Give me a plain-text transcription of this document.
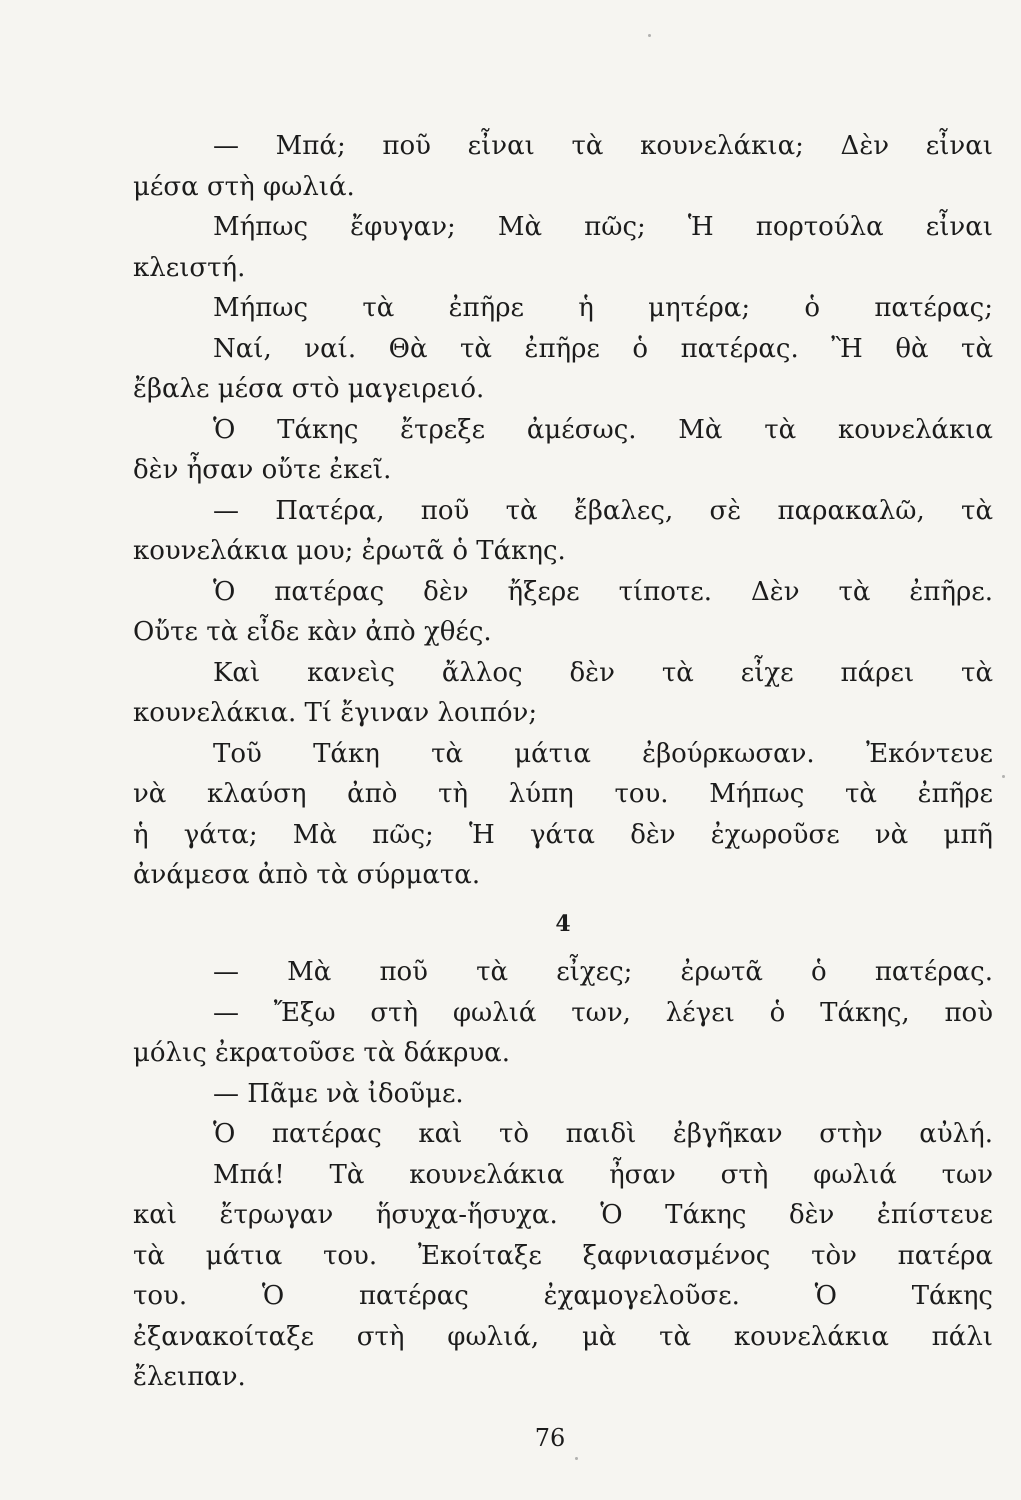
— Μπά; ποῦ εἶναι τὰ κουνελάκια; Δὲν εἶναι
μέσα στὴ φωλιά.
Μήπως ἔφυγαν; Μὰ πῶς; Ἡ πορτούλα εἶναι
κλειστή.
Μήπως τὰ ἐπῆρε ἡ μητέρα; ὁ πατέρας;
Ναί, ναί. Θὰ τὰ ἐπῆρε ὁ πατέρας. Ἢ θὰ τὰ
ἔβαλε μέσα στὸ μαγειρειό.
Ὁ Τάκης ἔτρεξε ἀμέσως. Μὰ τὰ κουνελάκια
δὲν ἦσαν οὔτε ἐκεῖ.
— Πατέρα, ποῦ τὰ ἔβαλες, σὲ παρακαλῶ, τὰ
κουνελάκια μου; ἐρωτᾶ ὁ Τάκης.
Ὁ πατέρας δὲν ἤξερε τίποτε. Δὲν τὰ ἐπῆρε.
Οὔτε τὰ εἶδε κὰν ἀπὸ χθές.
Καὶ κανεὶς ἄλλος δὲν τὰ εἶχε πάρει τὰ
κουνελάκια. Τί ἔγιναν λοιπόν;
Τοῦ Τάκη τὰ μάτια ἐβούρκωσαν. Ἐκόντευε
νὰ κλαύση ἀπὸ τὴ λύπη του. Μήπως τὰ ἐπῆρε
ἡ γάτα; Μὰ πῶς; Ἡ γάτα δὲν ἐχωροῦσε νὰ μπῆ
ἀνάμεσα ἀπὸ τὰ σύρματα.
4
— Μὰ ποῦ τὰ εἶχες; ἐρωτᾶ ὁ πατέρας.
— Ἔξω στὴ φωλιά των, λέγει ὁ Τάκης, ποὺ
μόλις ἐκρατοῦσε τὰ δάκρυα.
— Πᾶμε νὰ ἰδοῦμε.
Ὁ πατέρας καὶ τὸ παιδὶ ἐβγῆκαν στὴν αὐλή.
Μπά! Τὰ κουνελάκια ἦσαν στὴ φωλιά των
καὶ ἔτρωγαν ἥσυχα-ἥσυχα. Ὁ Τάκης δὲν ἐπίστευε
τὰ μάτια του. Ἐκοίταξε ξαφνιασμένος τὸν πατέρα
του. Ὁ πατέρας ἐχαμογελοῦσε. Ὁ Τάκης
ἐξανακοίταξε στὴ φωλιά, μὰ τὰ κουνελάκια πάλι
ἔλειπαν.
76
